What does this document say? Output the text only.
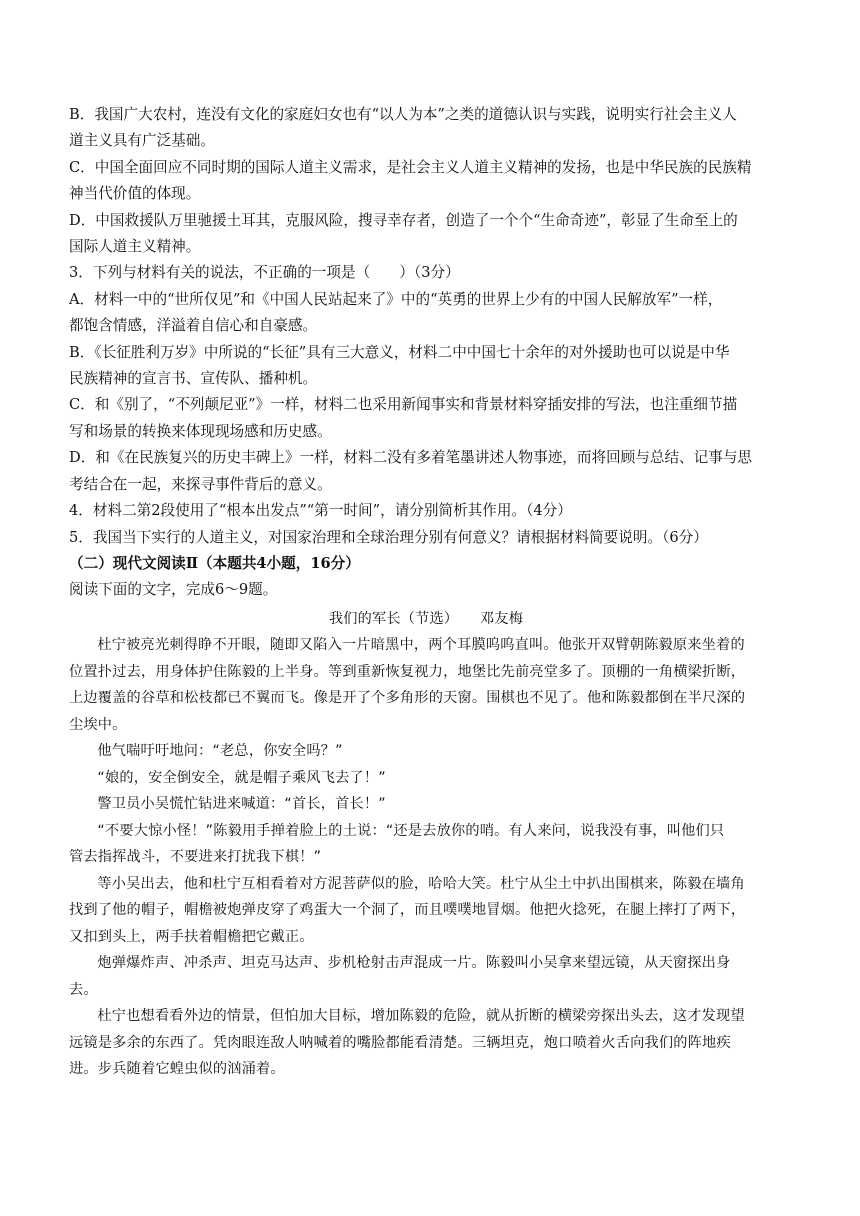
B．我国广大农村，连没有文化的家庭妇女也有“以人为本”之类的道德认识与实践，说明实行社会主义人

道主义具有广泛基础。

C．中国全面回应不同时期的国际人道主义需求，是社会主义人道主义精神的发扬，也是中华民族的民族精

神当代价值的体现。

D．中国救援队万里驰援土耳其，克服风险，搜寻幸存者，创造了一个个“生命奇迹”，彰显了生命至上的

国际人道主义精神。

3．下列与材料有关的说法，不正确的一项是（　　）（3分）

A．材料一中的“世所仅见”和《中国人民站起来了》中的“英勇的世界上少有的中国人民解放军”一样，

都饱含情感，洋溢着自信心和自豪感。

B．《长征胜利万岁》中所说的“长征”具有三大意义，材料二中中国七十余年的对外援助也可以说是中华

民族精神的宣言书、宣传队、播种机。

C．和《别了，“不列颠尼亚”》一样，材料二也采用新闻事实和背景材料穿插安排的写法，也注重细节描

写和场景的转换来体现现场感和历史感。

D．和《在民族复兴的历史丰碑上》一样，材料二没有多着笔墨讲述人物事迹，而将回顾与总结、记事与思

考结合在一起，来探寻事件背后的意义。

4．材料二第2段使用了“根本出发点”“第一时间”，请分别简析其作用。（4分）

5．我国当下实行的人道主义，对国家治理和全球治理分别有何意义？请根据材料简要说明。（6分）

（二）现代文阅读Ⅱ（本题共4小题，16分）

阅读下面的文字，完成6～9题。

我们的军长（节选）　　邓友梅

杜宁被亮光刺得睁不开眼，随即又陷入一片暗黑中，两个耳膜呜呜直叫。他张开双臂朝陈毅原来坐着的

位置扑过去，用身体护住陈毅的上半身。等到重新恢复视力，地堡比先前亮堂多了。顶棚的一角横梁折断，

上边覆盖的谷草和松枝都已不翼而飞。像是开了个多角形的天窗。围棋也不见了。他和陈毅都倒在半尺深的

尘埃中。

他气喘吁吁地问：“老总，你安全吗？”

“娘的，安全倒安全，就是帽子乘风飞去了！”

警卫员小吴慌忙钻进来喊道：“首长，首长！”

“不要大惊小怪！”陈毅用手掸着脸上的土说：“还是去放你的哨。有人来问，说我没有事，叫他们只

管去指挥战斗，不要进来打扰我下棋！”

等小吴出去，他和杜宁互相看着对方泥菩萨似的脸，哈哈大笑。杜宁从尘土中扒出围棋来，陈毅在墙角

找到了他的帽子，帽檐被炮弹皮穿了鸡蛋大一个洞了，而且噗噗地冒烟。他把火捻死，在腿上摔打了两下，

又扣到头上，两手扶着帽檐把它戴正。

炮弹爆炸声、冲杀声、坦克马达声、步机枪射击声混成一片。陈毅叫小吴拿来望远镜，从天窗探出身

去。

杜宁也想看看外边的情景，但怕加大目标，增加陈毅的危险，就从折断的横梁旁探出头去，这才发现望

远镜是多余的东西了。凭肉眼连敌人呐喊着的嘴脸都能看清楚。三辆坦克，炮口喷着火舌向我们的阵地疾

进。步兵随着它蝗虫似的汹涌着。
